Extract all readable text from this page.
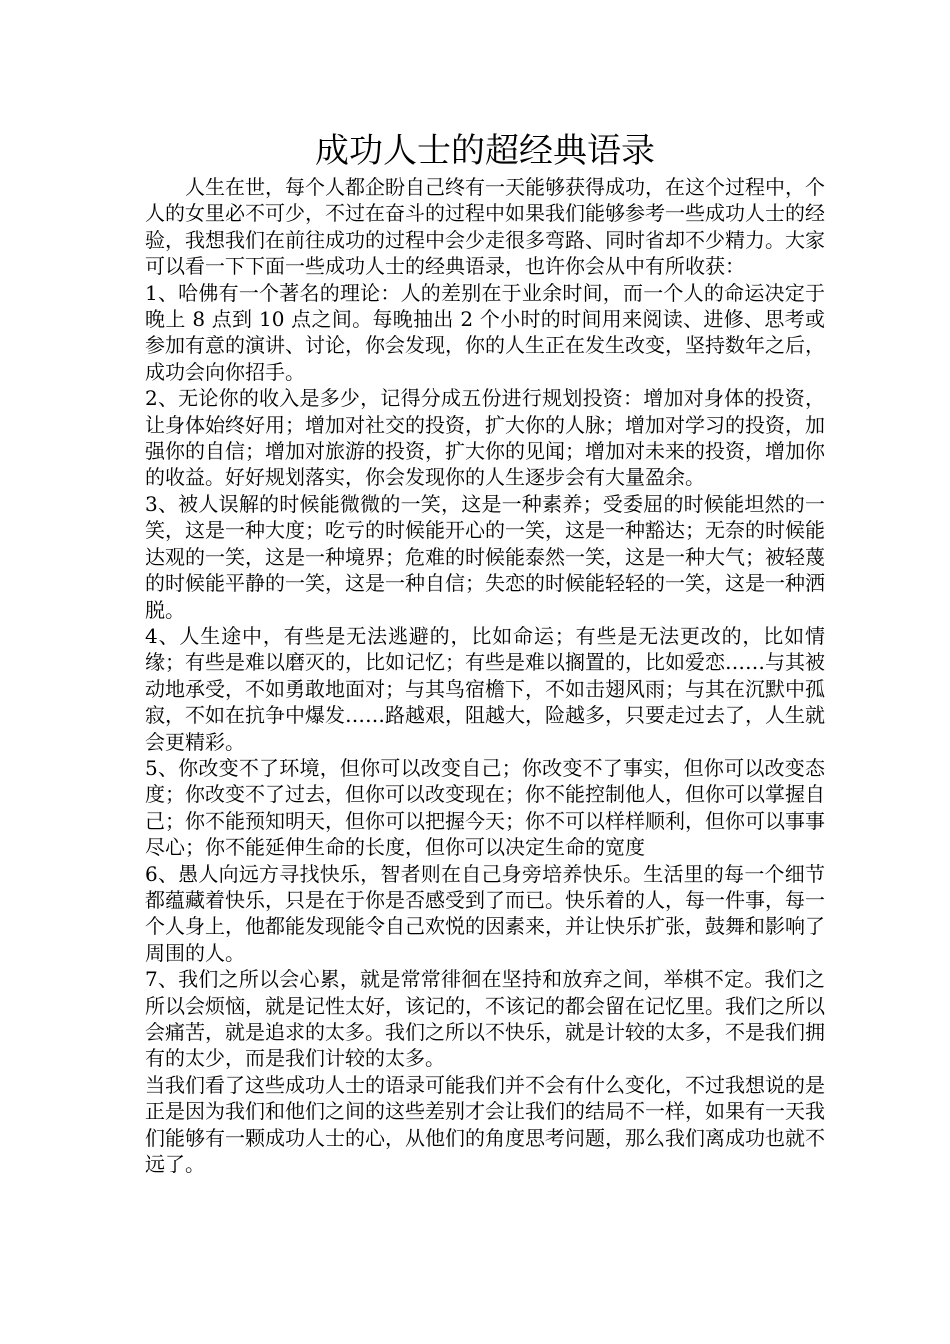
成功人士的超经典语录

人生在世，每个人都企盼自己终有一天能够获得成功，在这个过程中，个人的女里必不可少，不过在奋斗的过程中如果我们能够参考一些成功人士的经验，我想我们在前往成功的过程中会少走很多弯路、同时省却不少精力。大家可以看一下下面一些成功人士的经典语录，也许你会从中有所收获：

1、哈佛有一个著名的理论：人的差别在于业余时间，而一个人的命运决定于晚上 8 点到 10 点之间。每晚抽出 2 个小时的时间用来阅读、进修、思考或参加有意的演讲、讨论，你会发现，你的人生正在发生改变，坚持数年之后，成功会向你招手。

2、无论你的收入是多少，记得分成五份进行规划投资：增加对身体的投资，让身体始终好用；增加对社交的投资，扩大你的人脉；增加对学习的投资，加强你的自信；增加对旅游的投资，扩大你的见闻；增加对未来的投资，增加你的收益。好好规划落实，你会发现你的人生逐步会有大量盈余。

3、被人误解的时候能微微的一笑，这是一种素养；受委屈的时候能坦然的一笑，这是一种大度；吃亏的时候能开心的一笑，这是一种豁达；无奈的时候能达观的一笑，这是一种境界；危难的时候能泰然一笑，这是一种大气；被轻蔑的时候能平静的一笑，这是一种自信；失恋的时候能轻轻的一笑，这是一种洒脱。

4、人生途中，有些是无法逃避的，比如命运；有些是无法更改的，比如情缘；有些是难以磨灭的，比如记忆；有些是难以搁置的，比如爱恋……与其被动地承受，不如勇敢地面对；与其鸟宿檐下，不如击翅风雨；与其在沉默中孤寂，不如在抗争中爆发……路越艰，阻越大，险越多，只要走过去了，人生就会更精彩。

5、你改变不了环境，但你可以改变自己；你改变不了事实，但你可以改变态度；你改变不了过去，但你可以改变现在；你不能控制他人，但你可以掌握自己；你不能预知明天，但你可以把握今天；你不可以样样顺利，但你可以事事尽心；你不能延伸生命的长度，但你可以决定生命的宽度

6、愚人向远方寻找快乐，智者则在自己身旁培养快乐。生活里的每一个细节都蕴藏着快乐，只是在于你是否感受到了而已。快乐着的人，每一件事，每一个人身上，他都能发现能令自己欢悦的因素来，并让快乐扩张，鼓舞和影响了周围的人。

7、我们之所以会心累，就是常常徘徊在坚持和放弃之间，举棋不定。我们之所以会烦恼，就是记性太好，该记的，不该记的都会留在记忆里。我们之所以会痛苦，就是追求的太多。我们之所以不快乐，就是计较的太多，不是我们拥有的太少，而是我们计较的太多。

当我们看了这些成功人士的语录可能我们并不会有什么变化，不过我想说的是正是因为我们和他们之间的这些差别才会让我们的结局不一样，如果有一天我们能够有一颗成功人士的心，从他们的角度思考问题，那么我们离成功也就不远了。
